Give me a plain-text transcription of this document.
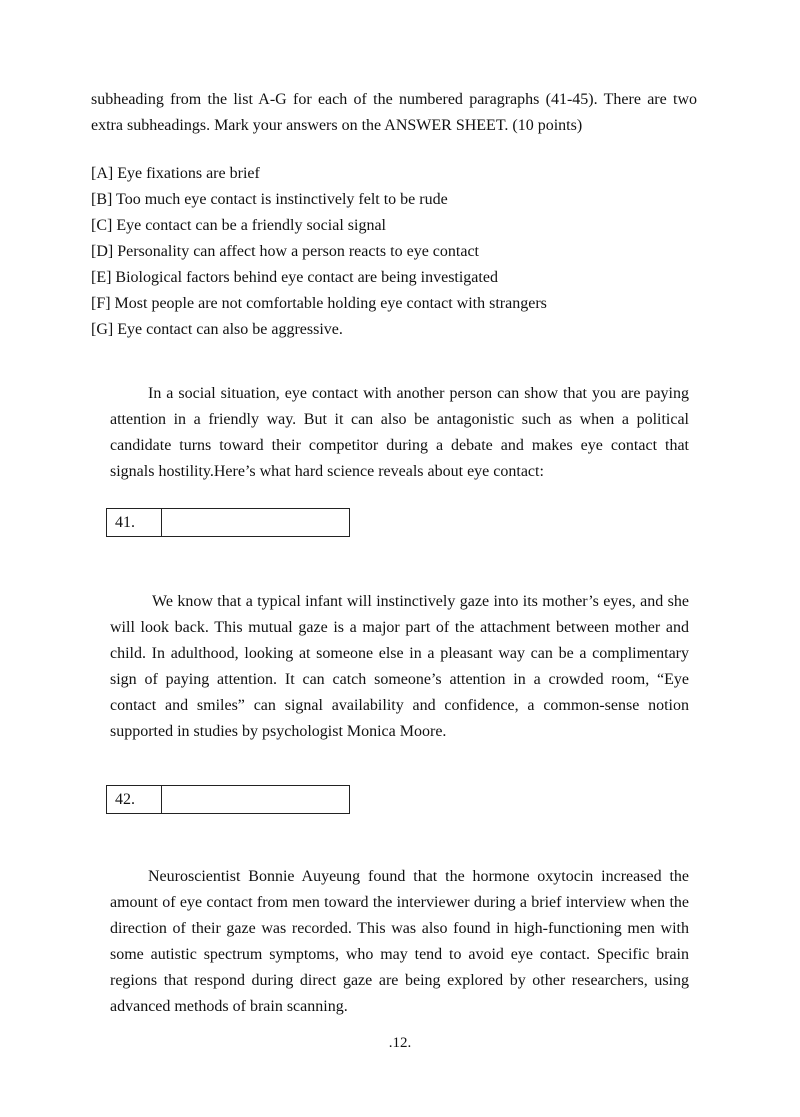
subheading from the list A-G for each of the numbered paragraphs (41-45). There are two extra subheadings. Mark your answers on the ANSWER SHEET. (10 points)

[A] Eye fixations are brief
[B] Too much eye contact is instinctively felt to be rude
[C] Eye contact can be a friendly social signal
[D] Personality can affect how a person reacts to eye contact
[E] Biological factors behind eye contact are being investigated
[F] Most people are not comfortable holding eye contact with strangers
[G] Eye contact can also be aggressive.

In a social situation, eye contact with another person can show that you are paying attention in a friendly way. But it can also be antagonistic such as when a political candidate turns toward their competitor during a debate and makes eye contact that signals hostility.Here’s what hard science reveals about eye contact:

41.

We know that a typical infant will instinctively gaze into its mother’s eyes, and she will look back. This mutual gaze is a major part of the attachment between mother and child. In adulthood, looking at someone else in a pleasant way can be a complimentary sign of paying attention. It can catch someone’s attention in a crowded room, “Eye contact and smiles” can signal availability and confidence, a common-sense notion supported in studies by psychologist Monica Moore.

42.

Neuroscientist Bonnie Auyeung found that the hormone oxytocin increased the amount of eye contact from men toward the interviewer during a brief interview when the direction of their gaze was recorded. This was also found in high-functioning men with some autistic spectrum symptoms, who may tend to avoid eye contact. Specific brain regions that respond during direct gaze are being explored by other researchers, using advanced methods of brain scanning.

.12.
